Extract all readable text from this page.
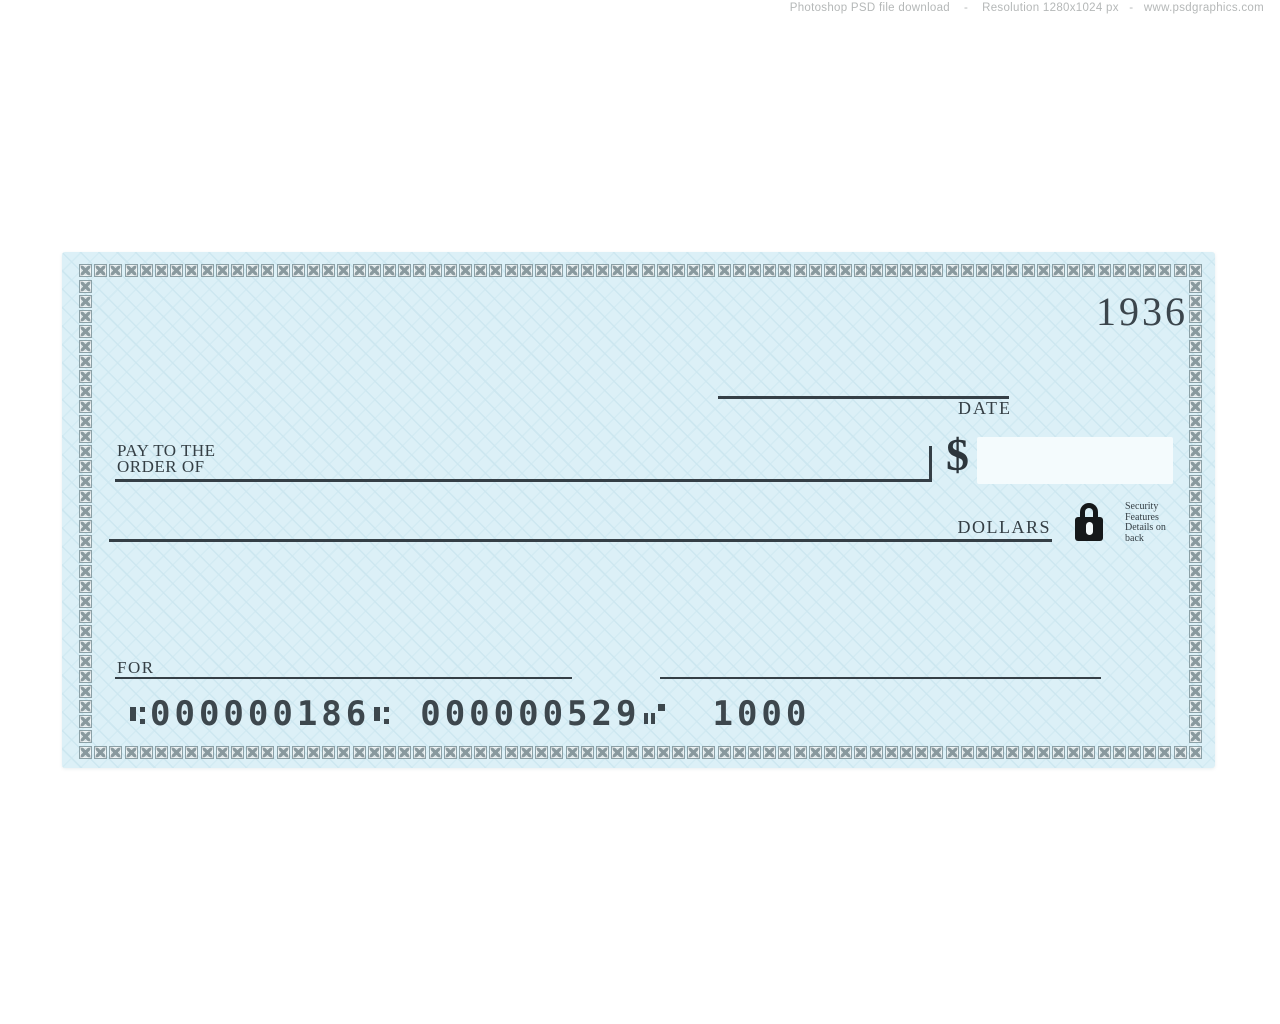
Photoshop PSD file download    -    Resolution 1280x1024 px   -   www.psdgraphics.com
1936
DATE
PAY TO THE
ORDER OF	$
DOLLARS
Security
Features
Details on
back
FOR
000000186 000000529 1000
